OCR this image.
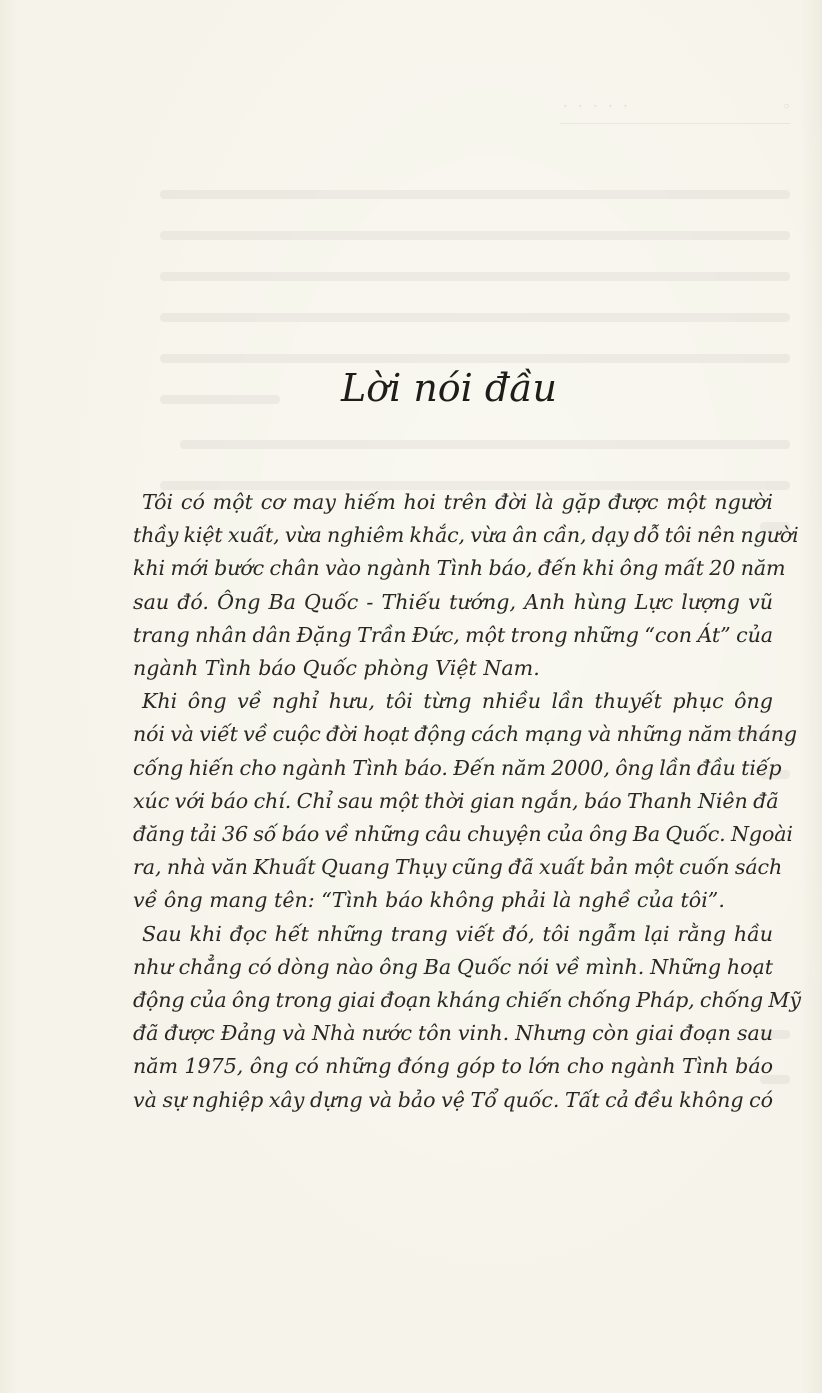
◦
· · · · ·
Lời nói đầu
Tôi có một cơ may hiếm hoi trên đời là gặp được một người
thầy kiệt xuất, vừa nghiêm khắc, vừa ân cần, dạy dỗ tôi nên người
khi mới bước chân vào ngành Tình báo, đến khi ông mất 20 năm
sau đó. Ông Ba Quốc - Thiếu tướng, Anh hùng Lực lượng vũ
trang nhân dân Đặng Trần Đức, một trong những “con Át” của
ngành Tình báo Quốc phòng Việt Nam.
Khi ông về nghỉ hưu, tôi từng nhiều lần thuyết phục ông
nói và viết về cuộc đời hoạt động cách mạng và những năm tháng
cống hiến cho ngành Tình báo. Đến năm 2000, ông lần đầu tiếp
xúc với báo chí. Chỉ sau một thời gian ngắn, báo Thanh Niên đã
đăng tải 36 số báo về những câu chuyện của ông Ba Quốc. Ngoài
ra, nhà văn Khuất Quang Thụy cũng đã xuất bản một cuốn sách
về ông mang tên: “Tình báo không phải là nghề của tôi”.
Sau khi đọc hết những trang viết đó, tôi ngẫm lại rằng hầu
như chẳng có dòng nào ông Ba Quốc nói về mình. Những hoạt
động của ông trong giai đoạn kháng chiến chống Pháp, chống Mỹ
đã được Đảng và Nhà nước tôn vinh. Nhưng còn giai đoạn sau
năm 1975, ông có những đóng góp to lớn cho ngành Tình báo
và sự nghiệp xây dựng và bảo vệ Tổ quốc. Tất cả đều không có
